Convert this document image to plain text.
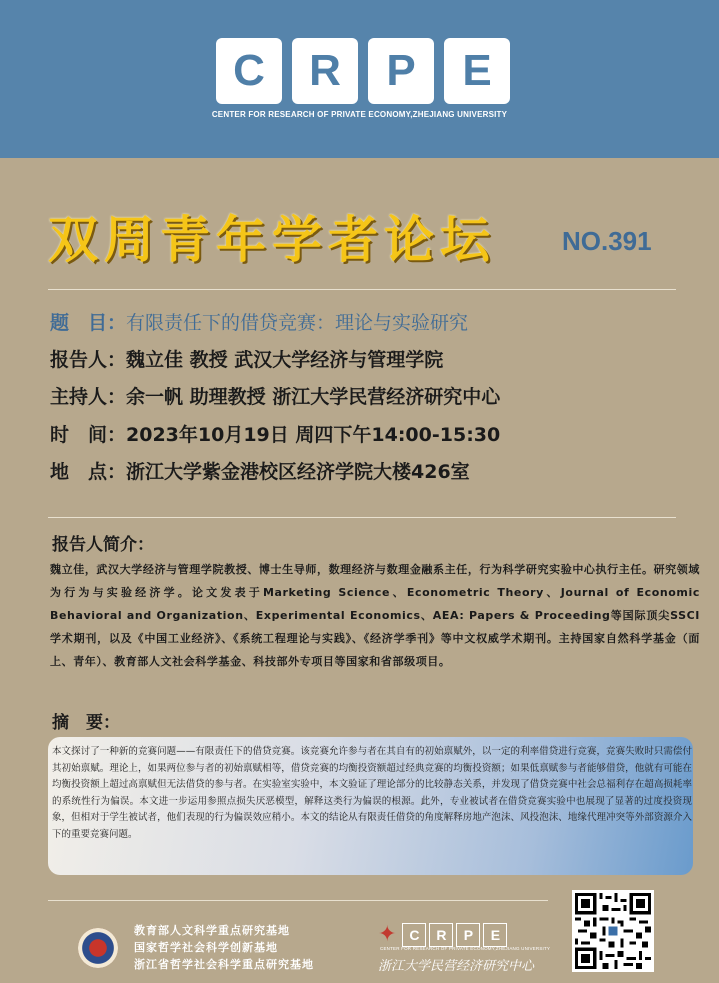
C	R	P	E
CENTER FOR RESEARCH OF PRIVATE ECONOMY,ZHEJIANG UNIVERSITY
双周青年学者论坛	NO.391
题　目：有限责任下的借贷竞赛：理论与实验研究
报告人：魏立佳 教授 武汉大学经济与管理学院
主持人：余一帆 助理教授 浙江大学民营经济研究中心
时　间：2023年10月19日 周四下午14:00-15:30
地　点：浙江大学紫金港校区经济学院大楼426室
报告人简介：
魏立佳，武汉大学经济与管理学院教授、博士生导师，数理经济与数理金融系主任，行为科学研究实验中心执行主任。研究领域为行为与实验经济学。论文发表于Marketing Science、Econometric Theory、Journal of Economic Behavioral and Organization、Experimental Economics、AEA: Papers & Proceeding等国际顶尖SSCI学术期刊，以及《中国工业经济》、《系统工程理论与实践》、《经济学季刊》等中文权威学术期刊。主持国家自然科学基金（面上、青年）、教育部人文社会科学基金、科技部外专项目等国家和省部级项目。
摘　要：
本文探讨了一种新的竞赛问题——有限责任下的借贷竞赛。该竞赛允许参与者在其自有的初始禀赋外，以一定的利率借贷进行竞赛，竞赛失败时只需偿付其初始禀赋。理论上，如果两位参与者的初始禀赋相等，借贷竞赛的均衡投资额超过经典竞赛的均衡投资额；如果低禀赋参与者能够借贷，他就有可能在均衡投资额上超过高禀赋但无法借贷的参与者。在实验室实验中，本文验证了理论部分的比较静态关系，并发现了借贷竞赛中社会总福利存在超高损耗率的系统性行为偏误。本文进一步运用参照点损失厌恶模型，解释这类行为偏误的根源。此外，专业被试者在借贷竞赛实验中也展现了显著的过度投资现象，但相对于学生被试者，他们表现的行为偏误效应稍小。本文的结论从有限责任借贷的角度解释房地产泡沫、风投泡沫、地缘代理冲突等外部资源介入下的重要竞赛问题。
教育部人文科学重点研究基地
国家哲学社会科学创新基地
浙江省哲学社会科学重点研究基地
✦ C	R	P	E
CENTER FOR RESEARCH OF PRIVATE ECONOMY,ZHEJIANG UNIVERSITY
浙江大学民营经济研究中心
